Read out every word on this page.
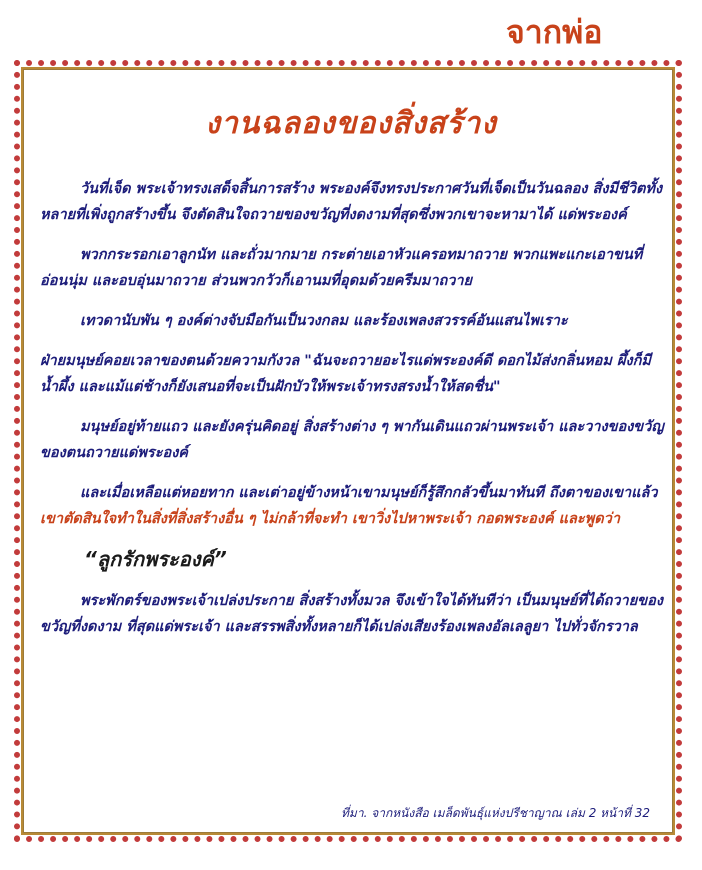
จากพ่อ
งานฉลองของสิ่งสร้าง

วันที่เจ็ด พระเจ้าทรงเสด็จสิ้นการสร้าง พระองค์จึงทรงประกาศวันที่เจ็ดเป็นวันฉลอง สิ่งมีชีวิตทั้งหลายที่เพิ่งถูกสร้างขึ้น จึงตัดสินใจถวายของขวัญที่งดงามที่สุดซึ่งพวกเขาจะหามาได้ แด่พระองค์

พวกกระรอกเอาลูกนัท และถั่วมากมาย กระต่ายเอาหัวแครอทมาถวาย พวกแพะแกะเอาขนที่อ่อนนุ่ม และอบอุ่นมาถวาย ส่วนพวกวัวก็เอานมที่อุดมด้วยครีมมาถวาย

เทวดานับพัน ๆ องค์ต่างจับมือกันเป็นวงกลม และร้องเพลงสวรรค์อันแสนไพเราะ

ฝ่ายมนุษย์คอยเวลาของตนด้วยความกังวล "ฉันจะถวายอะไรแด่พระองค์ดี ดอกไม้ส่งกลิ่นหอม ผึ้งก็มีน้ำผึ้ง และแม้แต่ช้างก็ยังเสนอที่จะเป็นฝักบัวให้พระเจ้าทรงสรงน้ำให้สดชื่น"

มนุษย์อยู่ท้ายแถว และยังครุ่นคิดอยู่ สิ่งสร้างต่าง ๆ พากันเดินแถวผ่านพระเจ้า และวางของขวัญของตนถวายแด่พระองค์

และเมื่อเหลือแต่หอยทาก และเต่าอยู่ข้างหน้าเขามนุษย์ก็รู้สึกกลัวขึ้นมาทันที ถึงตาของเขาแล้ว เขาตัดสินใจทำในสิ่งที่สิ่งสร้างอื่น ๆ ไม่กล้าที่จะทำ เขาวิ่งไปหาพระเจ้า กอดพระองค์ และพูดว่า

“ลูกรักพระองค์”

พระพักตร์ของพระเจ้าเปล่งประกาย สิ่งสร้างทั้งมวล จึงเข้าใจได้ทันทีว่า เป็นมนุษย์ที่ได้ถวายของขวัญที่งดงาม ที่สุดแด่พระเจ้า และสรรพสิ่งทั้งหลายก็ได้เปล่งเสียงร้องเพลงอัลเลลูยา ไปทั่วจักรวาล

ที่มา. จากหนังสือ เมล็ดพันธุ์แห่งปรีชาญาณ เล่ม 2 หน้าที่ 32
